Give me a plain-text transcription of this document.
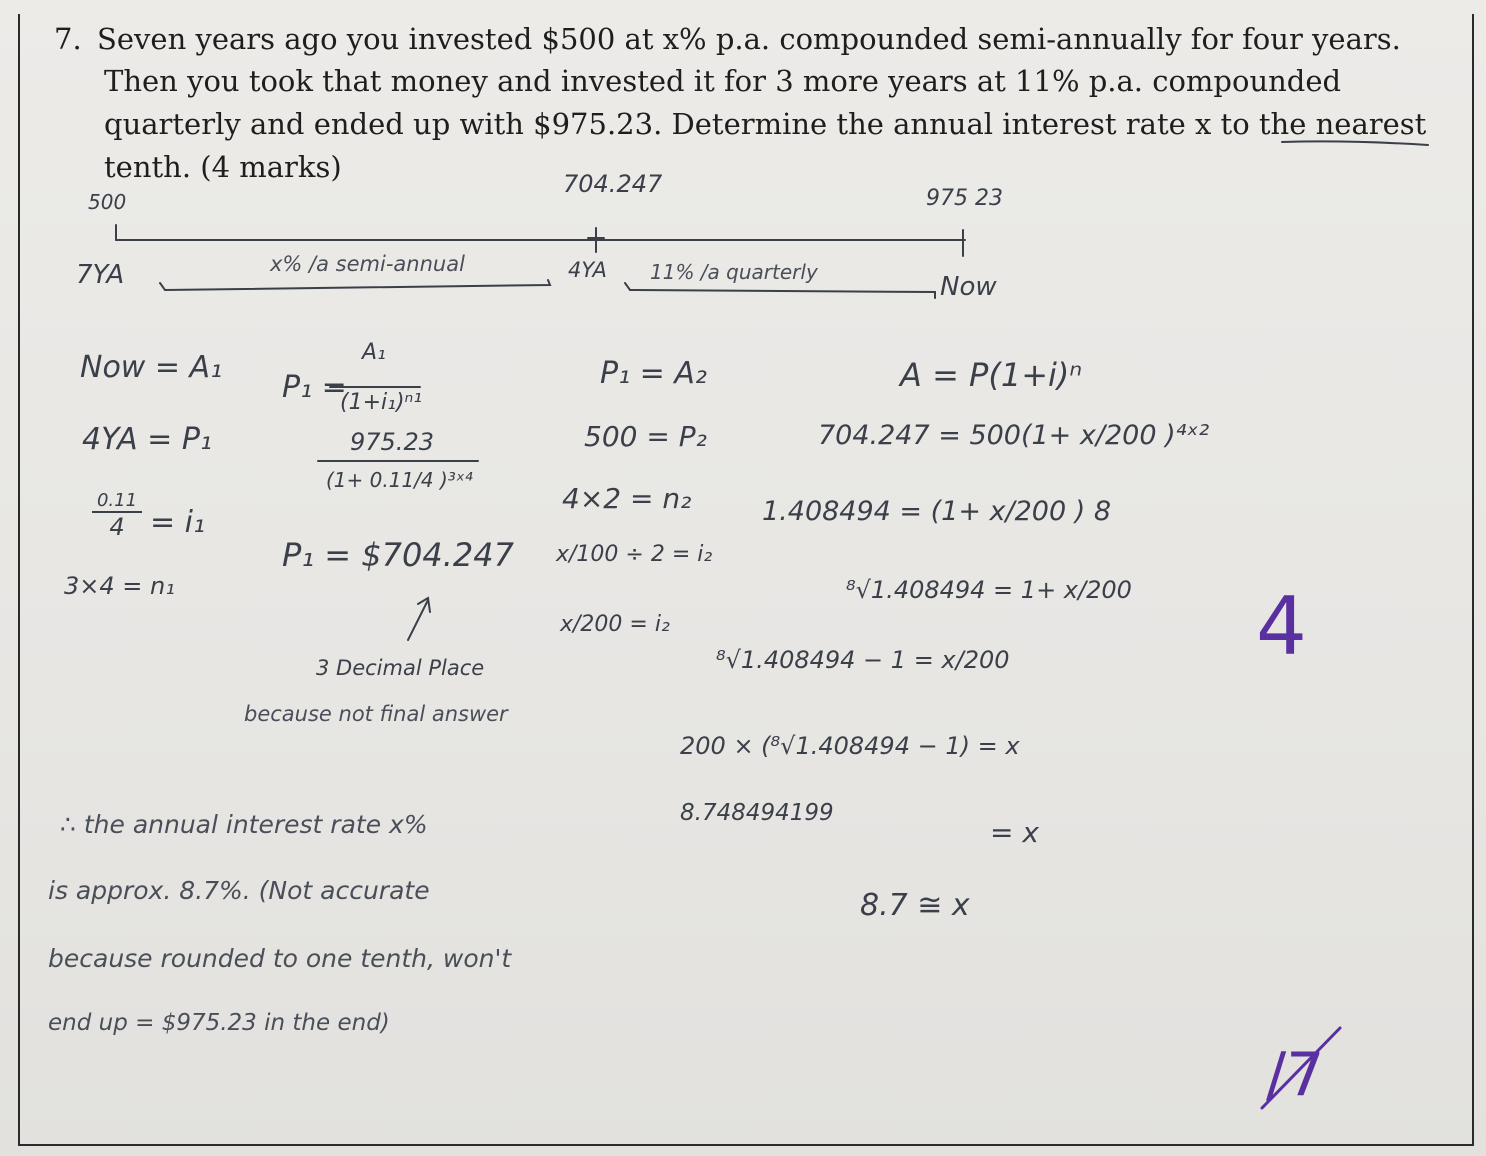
7. Seven years ago you invested $500 at x% p.a. compounded semi-annually for four years.
Then you took that money and invested it for 3 more years at 11% p.a. compounded
quarterly and ended up with $975.23. Determine the annual interest rate x to the nearest
tenth. (4 marks)
500
704.247
975 23
7YA	x% /a semi-annual	4YA 11% /a quarterly	Now
Now = A₁
4YA = P₁
0.11
4 = i₁
3×4 = n₁
P₁ =
A₁
(1+i₁)ⁿ¹
975.23
(1+ 0.11/4 )³ˣ⁴
P₁ = $704.247
3 Decimal Place
because not final answer
P₁ = A₂
500 = P₂
4×2 = n₂
x/100 ÷ 2 = i₂
x/200 = i₂
A = P(1+i)ⁿ
704.247 = 500(1+ x/200 )⁴ˣ²
1.408494 = (1+ x/200 ) 8
⁸√1.408494 = 1+ x/200
⁸√1.408494 − 1 = x/200
200 × (⁸√1.408494 − 1) = x
8.748494199
= x
8.7 ≅ x
∴ the annual interest rate x%
is approx. 8.7%. (Not accurate
because rounded to one tenth, won't
end up = $975.23 in the end)
4
/7
